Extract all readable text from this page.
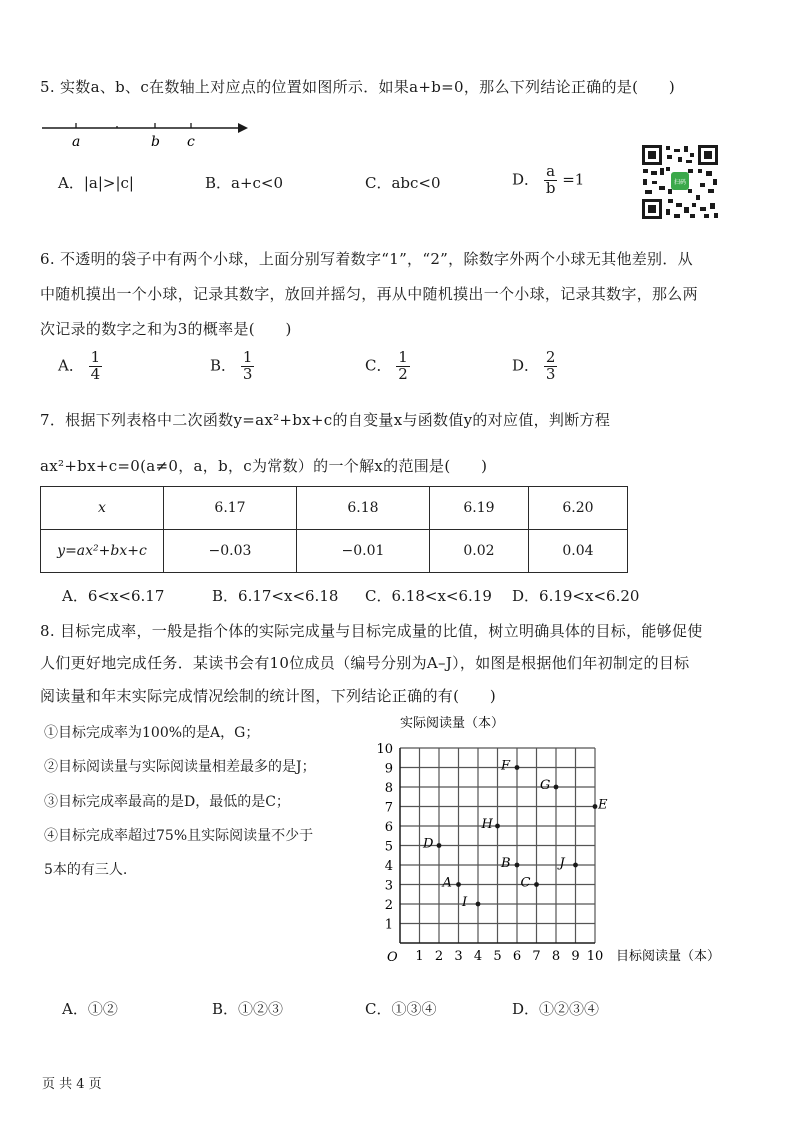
5. 实数a、b、c在数轴上对应点的位置如图所示．如果a+b=0，那么下列结论正确的是(　　)
a	b c
A．|a|>|c|	B．a+c<0	C．abc<0	D． $\frac{a}{b} =1$	扫码
6. 不透明的袋子中有两个小球，上面分别写着数字“1”，“2”，除数字外两个小球无其他差别．从
中随机摸出一个小球，记录其数字，放回并摇匀，再从中随机摸出一个小球，记录其数字，那么两
次记录的数字之和为3的概率是(　　)
A． $\frac{1}{4}$	B． $\frac{1}{3}$	C． $\frac{1}{2}$	D． $\frac{2}{3}$
7．根据下列表格中二次函数y=ax²+bx+c的自变量x与函数值y的对应值，判断方程
ax²+bx+c=0(a≠0，a，b，c为常数）的一个解x的范围是(　　)
x	6.17	6.18	6.19	6.20
y=ax²+bx+c	−0.03	−0.01	0.02	0.04
A．6<x<6.17	B．6.17<x<6.18 C．6.18<x<6.19 D．6.19<x<6.20
8. 目标完成率，一般是指个体的实际完成量与目标完成量的比值，树立明确具体的目标，能够促使
人们更好地完成任务．某读书会有10位成员（编号分别为A–J），如图是根据他们年初制定的目标
阅读量和年末实际完成情况绘制的统计图，下列结论正确的有(　　)
①目标完成率为100%的是A，G；
②目标阅读量与实际阅读量相差最多的是J；
③目标完成率最高的是D，最低的是C；
④目标完成率超过75%且实际阅读量不少于
5本的有三人.
1 2 3 4 5 6 7 8 9 10
1
2
3
4
5
6
7
8
9
10
A
B
C
D
E
F
G
H
I
J
实际阅读量（本）
目标阅读量（本）
O
A．①②	B．①②③	C．①③④	D．①②③④
页 共 4 页
